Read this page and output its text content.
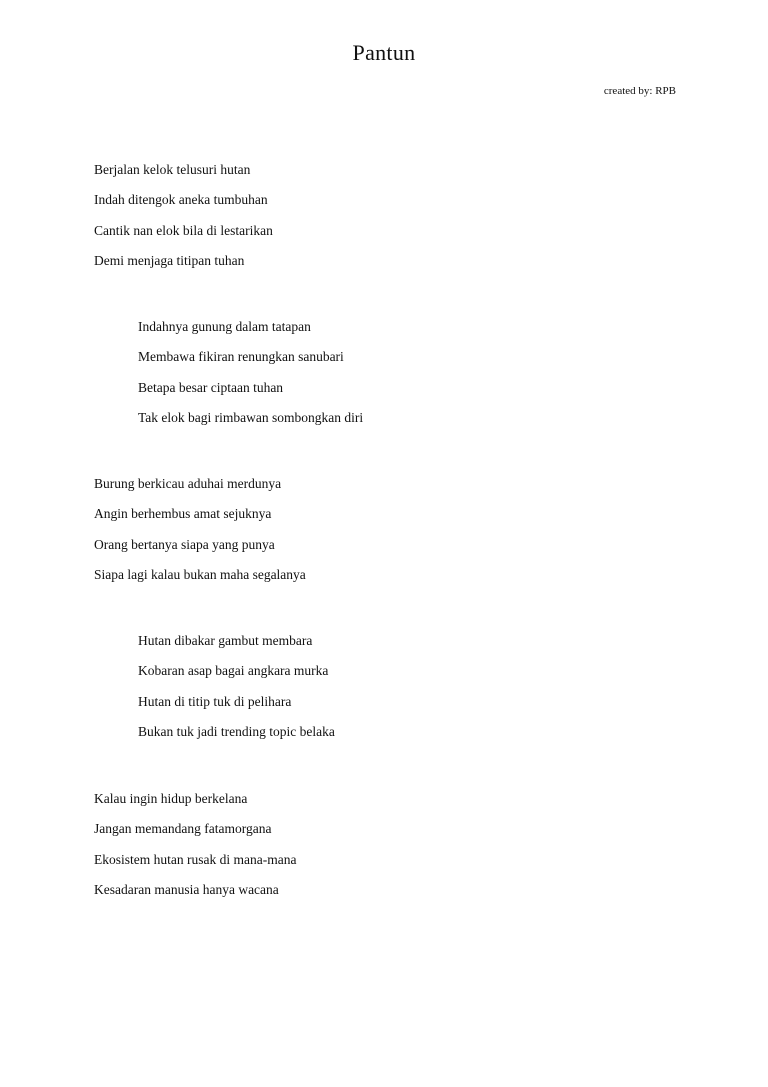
Pantun

created by: RPB

Berjalan kelok telusuri hutan
Indah ditengok aneka tumbuhan
Cantik nan elok bila di lestarikan
Demi menjaga titipan tuhan
Indahnya gunung dalam tatapan
Membawa fikiran renungkan sanubari
Betapa besar ciptaan tuhan
Tak elok bagi rimbawan sombongkan diri
Burung berkicau aduhai merdunya
Angin berhembus amat sejuknya
Orang bertanya siapa yang punya
Siapa lagi kalau bukan maha segalanya
Hutan dibakar gambut membara
Kobaran asap bagai angkara murka
Hutan di titip tuk di pelihara
Bukan tuk jadi trending topic belaka
Kalau ingin hidup berkelana
Jangan memandang fatamorgana
Ekosistem hutan rusak di mana-mana
Kesadaran manusia hanya wacana
